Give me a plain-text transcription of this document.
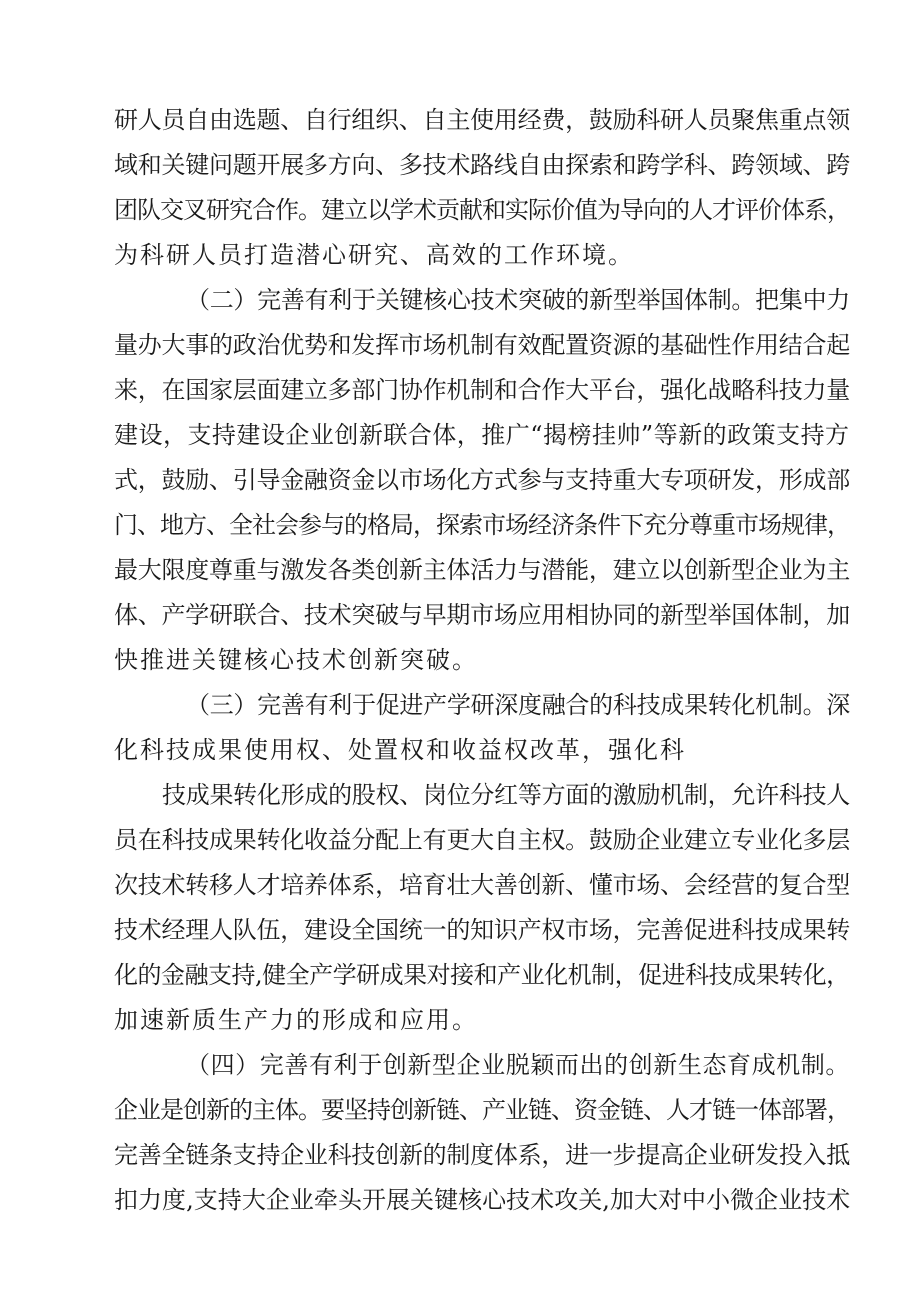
研人员自由选题、自行组织、自主使用经费，鼓励科研人员聚焦重点领
域和关键问题开展多方向、多技术路线自由探索和跨学科、跨领域、跨
团队交叉研究合作。建立以学术贡献和实际价值为导向的人才评价体系，
为科研人员打造潜心研究、高效的工作环境。
（二）完善有利于关键核心技术突破的新型举国体制。把集中力
量办大事的政治优势和发挥市场机制有效配置资源的基础性作用结合起
来，在国家层面建立多部门协作机制和合作大平台，强化战略科技力量
建设，支持建设企业创新联合体，推广“揭榜挂帅”等新的政策支持方
式，鼓励、引导金融资金以市场化方式参与支持重大专项研发，形成部
门、地方、全社会参与的格局，探索市场经济条件下充分尊重市场规律，
最大限度尊重与激发各类创新主体活力与潜能，建立以创新型企业为主
体、产学研联合、技术突破与早期市场应用相协同的新型举国体制，加
快推进关键核心技术创新突破。
（三）完善有利于促进产学研深度融合的科技成果转化机制。深
化科技成果使用权、处置权和收益权改革，强化科
技成果转化形成的股权、岗位分红等方面的激励机制，允许科技人
员在科技成果转化收益分配上有更大自主权。鼓励企业建立专业化多层
次技术转移人才培养体系，培育壮大善创新、懂市场、会经营的复合型
技术经理人队伍，建设全国统一的知识产权市场，完善促进科技成果转
化的金融支持,健全产学研成果对接和产业化机制，促进科技成果转化，
加速新质生产力的形成和应用。
（四）完善有利于创新型企业脱颖而出的创新生态育成机制。
企业是创新的主体。要坚持创新链、产业链、资金链、人才链一体部署，
完善全链条支持企业科技创新的制度体系，进一步提高企业研发投入抵
扣力度,支持大企业牵头开展关键核心技术攻关,加大对中小微企业技术
